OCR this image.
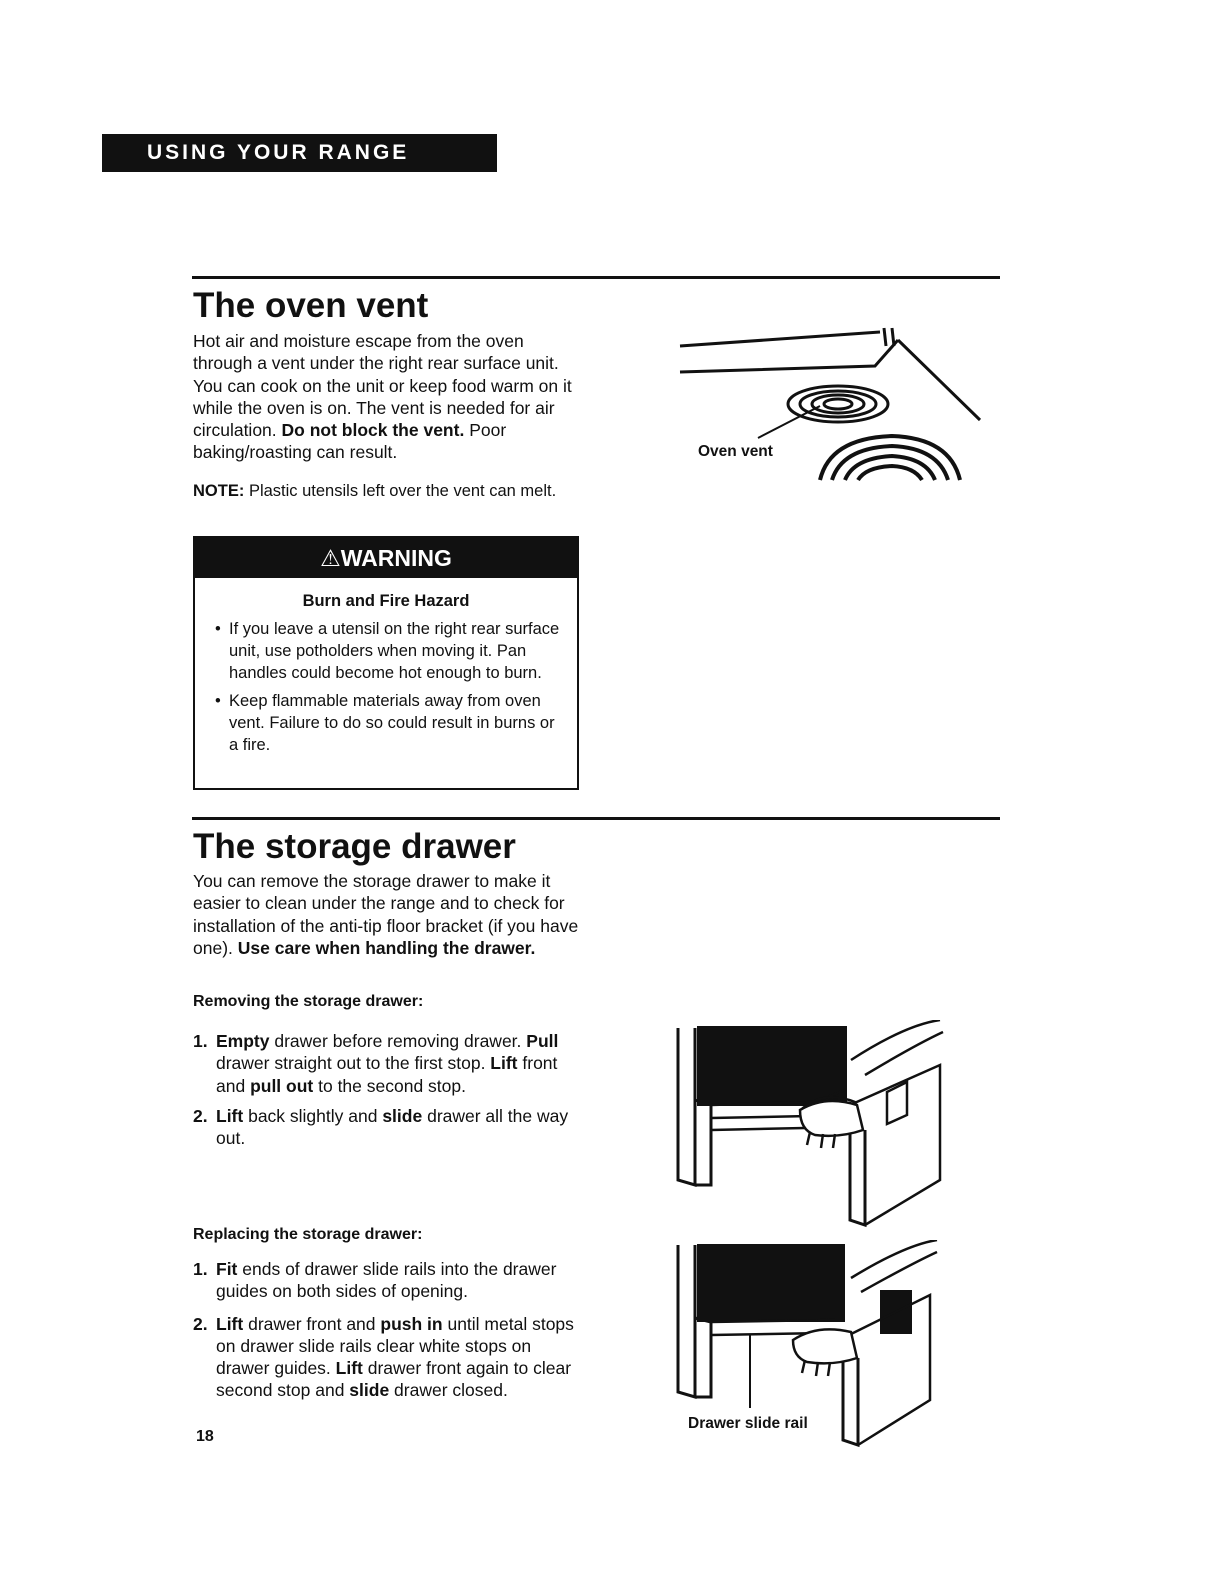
USING YOUR RANGE
The oven vent

Hot air and moisture escape from the oven through a vent under the right rear surface unit. You can cook on the unit or keep food warm on it while the oven is on. The vent is needed for air circulation. Do not block the vent. Poor baking/roasting can result.

NOTE: Plastic utensils left over the vent can melt.

Oven vent
⚠WARNING
Burn and Fire Hazard
• If you leave a utensil on the right rear surface unit, use potholders when moving it. Pan handles could become hot enough to burn.
• Keep flammable materials away from oven vent. Failure to do so could result in burns or a fire.
The storage drawer

You can remove the storage drawer to make it easier to clean under the range and to check for installation of the anti-tip floor bracket (if you have one). Use care when handling the drawer.

Removing the storage drawer:
1. Empty drawer before removing drawer. Pull drawer straight out to the first stop. Lift front and pull out to the second stop.
2. Lift back slightly and slide drawer all the way out.
Replacing the storage drawer:
1. Fit ends of drawer slide rails into the drawer guides on both sides of opening.
2. Lift drawer front and push in until metal stops on drawer slide rails clear white stops on drawer guides. Lift drawer front again to clear second stop and slide drawer closed.
Drawer slide rail
18
